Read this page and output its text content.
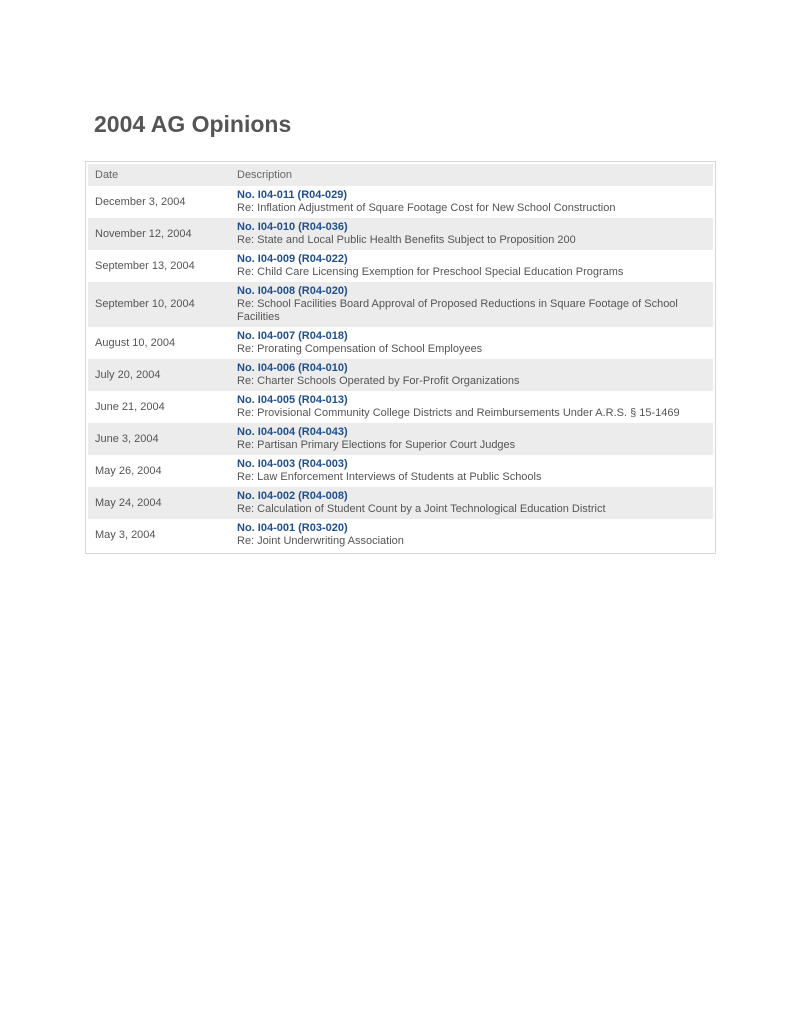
2004 AG Opinions
Date	Description
December 3, 2004	No. I04-011 (R04-029)
Re: Inflation Adjustment of Square Footage Cost for New School Construction

November 12, 2004	No. I04-010 (R04-036)
Re: State and Local Public Health Benefits Subject to Proposition 200

September 13, 2004	No. I04-009 (R04-022)
Re: Child Care Licensing Exemption for Preschool Special Education Programs

September 10, 2004	No. I04-008 (R04-020)
Re: School Facilities Board Approval of Proposed Reductions in Square Footage of School Facilities

August 10, 2004	No. I04-007 (R04-018)
Re: Prorating Compensation of School Employees

July 20, 2004	No. I04-006 (R04-010)
Re: Charter Schools Operated by For-Profit Organizations

June 21, 2004	No. I04-005 (R04-013)
Re: Provisional Community College Districts and Reimbursements Under A.R.S. § 15-1469

June 3, 2004	No. I04-004 (R04-043)
Re: Partisan Primary Elections for Superior Court Judges

May 26, 2004	No. I04-003 (R04-003)
Re: Law Enforcement Interviews of Students at Public Schools

May 24, 2004	No. I04-002 (R04-008)
Re: Calculation of Student Count by a Joint Technological Education District

May 3, 2004	No. I04-001 (R03-020)
Re: Joint Underwriting Association
